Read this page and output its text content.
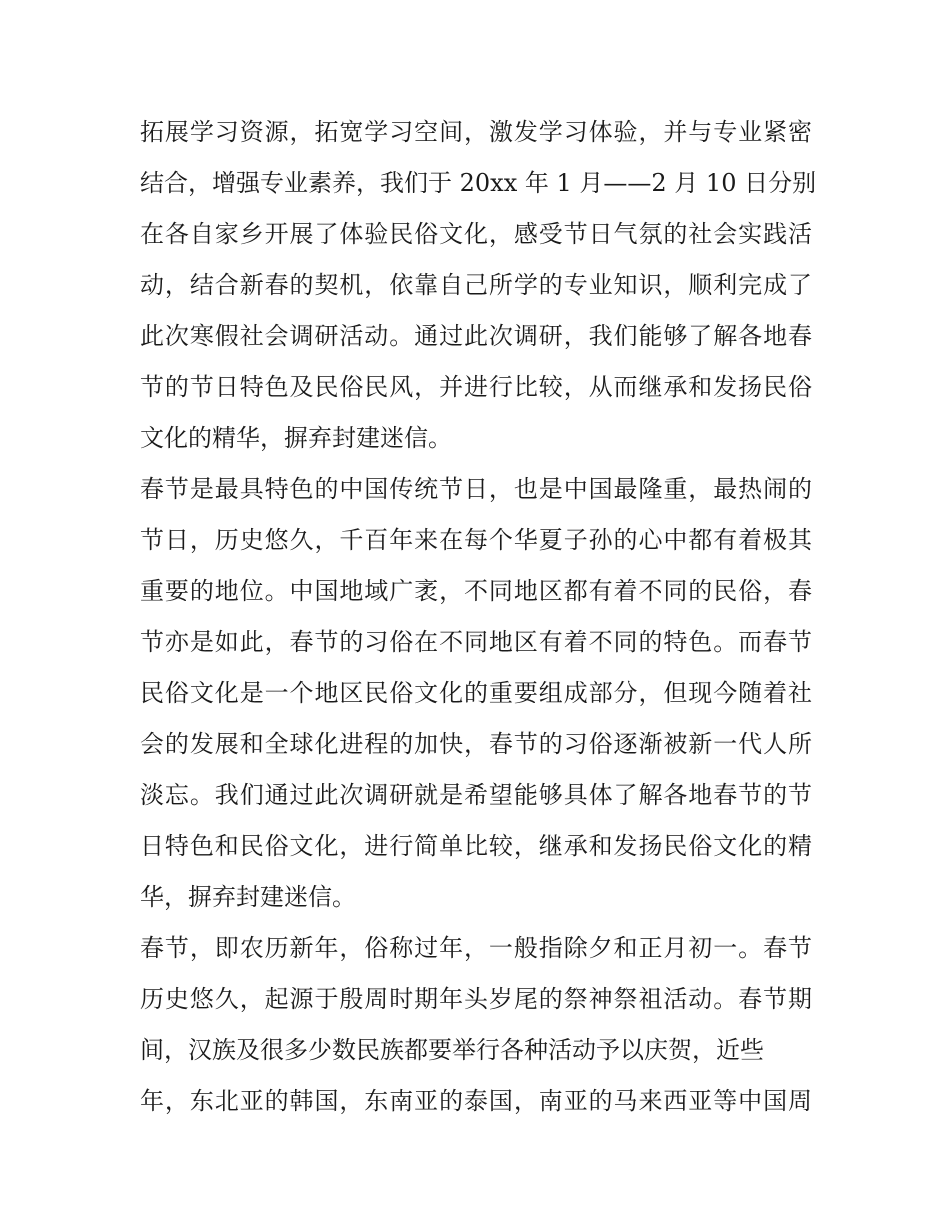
拓展学习资源，拓宽学习空间，激发学习体验，并与专业紧密
结合，增强专业素养，我们于 20xx 年 1 月——2 月 10 日分别
在各自家乡开展了体验民俗文化，感受节日气氛的社会实践活
动，结合新春的契机，依靠自己所学的专业知识，顺利完成了
此次寒假社会调研活动。通过此次调研，我们能够了解各地春
节的节日特色及民俗民风，并进行比较，从而继承和发扬民俗
文化的精华，摒弃封建迷信。
春节是最具特色的中国传统节日，也是中国最隆重，最热闹的
节日，历史悠久，千百年来在每个华夏子孙的心中都有着极其
重要的地位。中国地域广袤，不同地区都有着不同的民俗，春
节亦是如此，春节的习俗在不同地区有着不同的特色。而春节
民俗文化是一个地区民俗文化的重要组成部分，但现今随着社
会的发展和全球化进程的加快，春节的习俗逐渐被新一代人所
淡忘。我们通过此次调研就是希望能够具体了解各地春节的节
日特色和民俗文化，进行简单比较，继承和发扬民俗文化的精
华，摒弃封建迷信。
春节，即农历新年，俗称过年，一般指除夕和正月初一。春节
历史悠久，起源于殷周时期年头岁尾的祭神祭祖活动。春节期
间，汉族及很多少数民族都要举行各种活动予以庆贺，近些
年，东北亚的韩国，东南亚的泰国，南亚的马来西亚等中国周
